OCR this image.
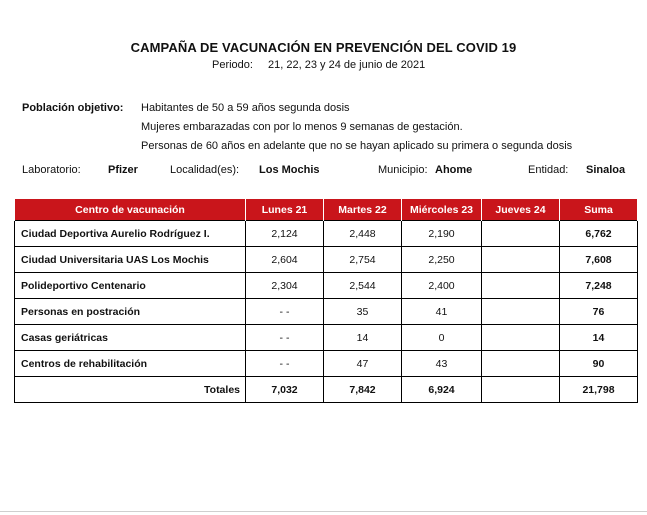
CAMPAÑA DE VACUNACIÓN EN PREVENCIÓN DEL COVID 19
Periodo: 21, 22, 23 y 24 de junio de 2021
Población objetivo: Habitantes de 50 a 59 años segunda dosis
Mujeres embarazadas con por lo menos 9 semanas de gestación.
Personas de 60 años en adelante que no se hayan aplicado su primera o segunda dosis
Laboratorio: Pfizer	Localidad(es): Los Mochis	Municipio: Ahome	Entidad: Sinaloa
Centro de vacunación	Lunes 21	Martes 22	Miércoles 23	Jueves 24	Suma
Ciudad Deportiva Aurelio Rodríguez I.	2,124	2,448	2,190		6,762
Ciudad Universitaria UAS Los Mochis	2,604	2,754	2,250		7,608
Polideportivo Centenario	2,304	2,544	2,400		7,248
Personas en postración	- -	35	41		76
Casas geriátricas	- -	14	0		14
Centros de rehabilitación	- -	47	43		90
Totales	7,032	7,842	6,924		21,798
